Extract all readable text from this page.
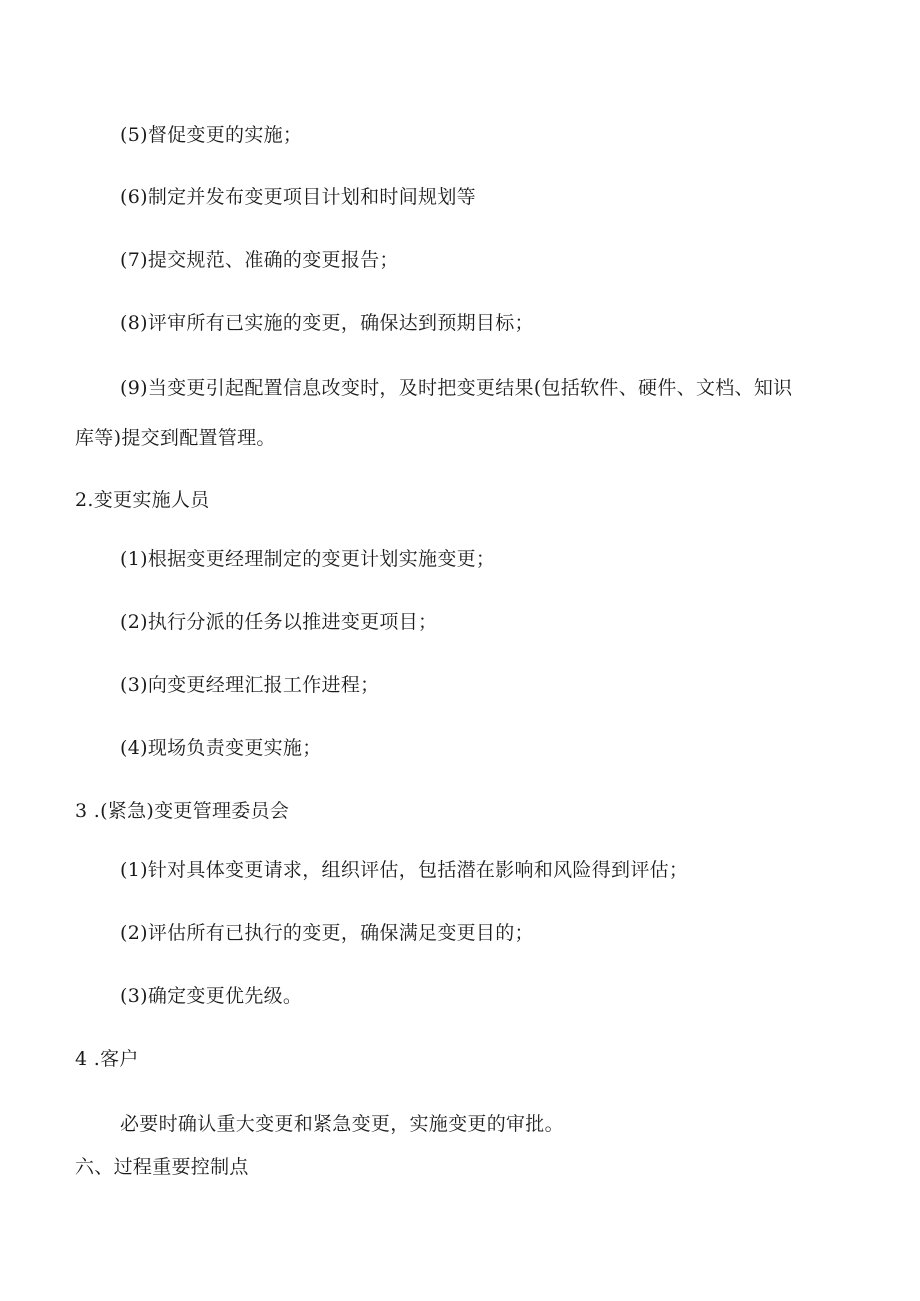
(5)督促变更的实施；
(6)制定并发布变更项目计划和时间规划等
(7)提交规范、准确的变更报告；
(8)评审所有已实施的变更，确保达到预期目标；
(9)当变更引起配置信息改变时，及时把变更结果(包括软件、硬件、文档、知识
库等)提交到配置管理。
2.变更实施人员
(1)根据变更经理制定的变更计划实施变更；
(2)执行分派的任务以推进变更项目；
(3)向变更经理汇报工作进程；
(4)现场负责变更实施；
3 .(紧急)变更管理委员会
(1)针对具体变更请求，组织评估，包括潜在影响和风险得到评估；
(2)评估所有已执行的变更，确保满足变更目的；
(3)确定变更优先级。
4 .客户
必要时确认重大变更和紧急变更，实施变更的审批。
六、过程重要控制点
